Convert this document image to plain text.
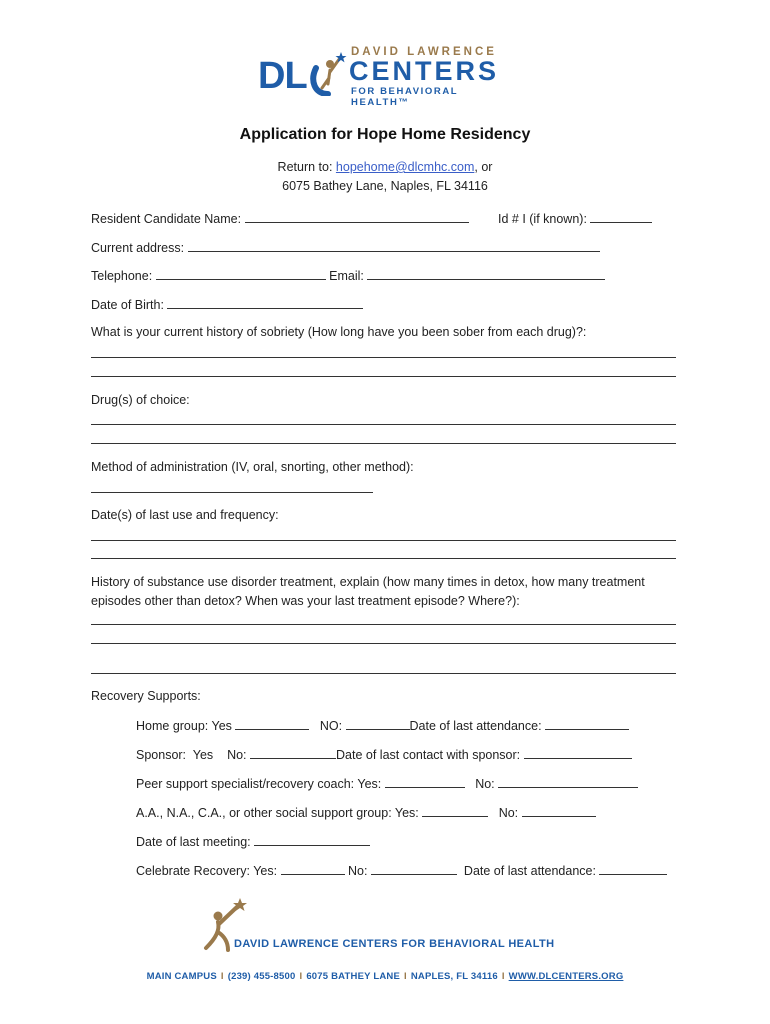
DL
DAVID LAWRENCE
CENTERS
FOR BEHAVIORAL HEALTH™
Application for Hope Home Residency
Return to: hopehome@dlcmhc.com, or
6075 Bathey Lane, Naples, FL 34116
Resident Candidate Name:	Id # I (if known):
Current address:
Telephone:	Email:
Date of Birth:
What is your current history of sobriety (How long have you been sober from each drug)?:
Drug(s) of choice:
Method of administration (IV, oral, snorting, other method):
Date(s) of last use and frequency:
History of substance use disorder treatment, explain (how many times in detox, how many treatment
episodes other than detox? When was your last treatment episode? Where?):
Recovery Supports:
Home group: Yes	NO:	Date of last attendance:
Sponsor: Yes No:	Date of last contact with sponsor:
Peer support specialist/recovery coach: Yes:	No:
A.A., N.A., C.A., or other social support group: Yes:	No:
Date of last meeting:
Celebrate Recovery: Yes:	No:	Date of last attendance:
DAVID LAWRENCE CENTERS FOR BEHAVIORAL HEALTH
MAIN CAMPUS I (239) 455-8500 I 6075 BATHEY LANE I NAPLES, FL 34116 I WWW.DLCENTERS.ORG
